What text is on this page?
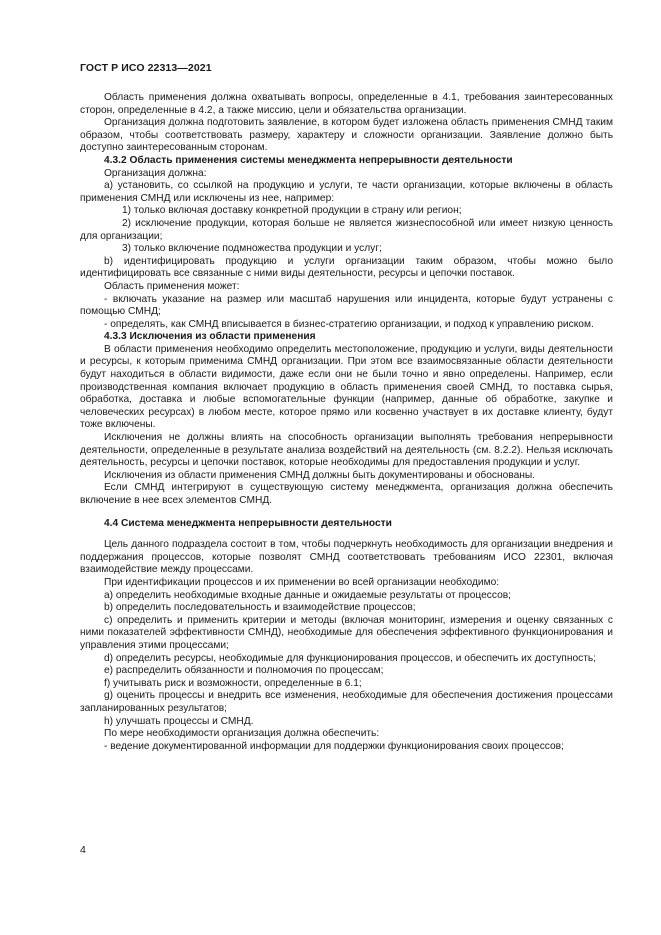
ГОСТ Р ИСО 22313—2021

Область применения должна охватывать вопросы, определенные в 4.1, требования заинтересованных сторон, определенные в 4.2, а также миссию, цели и обязательства организации.

Организация должна подготовить заявление, в котором будет изложена область применения СМНД таким образом, чтобы соответствовать размеру, характеру и сложности организации. Заявление должно быть доступно заинтересованным сторонам.

4.3.2 Область применения системы менеджмента непрерывности деятельности

Организация должна:

a) установить, со ссылкой на продукцию и услуги, те части организации, которые включены в область применения СМНД или исключены из нее, например:

1) только включая доставку конкретной продукции в страну или регион;

2) исключение продукции, которая больше не является жизнеспособной или имеет низкую ценность для организации;

3) только включение подмножества продукции и услуг;

b) идентифицировать продукцию и услуги организации таким образом, чтобы можно было идентифицировать все связанные с ними виды деятельности, ресурсы и цепочки поставок.

Область применения может:

- включать указание на размер или масштаб нарушения или инцидента, которые будут устранены с помощью СМНД;

- определять, как СМНД вписывается в бизнес-стратегию организации, и подход к управлению риском.

4.3.3 Исключения из области применения

В области применения необходимо определить местоположение, продукцию и услуги, виды деятельности и ресурсы, к которым применима СМНД организации. При этом все взаимосвязанные области деятельности будут находиться в области видимости, даже если они не были точно и явно определены. Например, если производственная компания включает продукцию в область применения своей СМНД, то поставка сырья, обработка, доставка и любые вспомогательные функции (например, данные об обработке, закупке и человеческих ресурсах) в любом месте, которое прямо или косвенно участвует в их доставке клиенту, будут тоже включены.

Исключения не должны влиять на способность организации выполнять требования непрерывности деятельности, определенные в результате анализа воздействий на деятельность (см. 8.2.2). Нельзя исключать деятельность, ресурсы и цепочки поставок, которые необходимы для предоставления продукции и услуг.

Исключения из области применения СМНД должны быть документированы и обоснованы.

Если СМНД интегрируют в существующую систему менеджмента, организация должна обеспечить включение в нее всех элементов СМНД.

4.4 Система менеджмента непрерывности деятельности

Цель данного подраздела состоит в том, чтобы подчеркнуть необходимость для организации внедрения и поддержания процессов, которые позволят СМНД соответствовать требованиям ИСО 22301, включая взаимодействие между процессами.

При идентификации процессов и их применении во всей организации необходимо:

a) определить необходимые входные данные и ожидаемые результаты от процессов;

b) определить последовательность и взаимодействие процессов;

c) определить и применить критерии и методы (включая мониторинг, измерения и оценку связанных с ними показателей эффективности СМНД), необходимые для обеспечения эффективного функционирования и управления этими процессами;

d) определить ресурсы, необходимые для функционирования процессов, и обеспечить их доступность;

e) распределить обязанности и полномочия по процессам;

f) учитывать риск и возможности, определенные в 6.1;

g) оценить процессы и внедрить все изменения, необходимые для обеспечения достижения процессами запланированных результатов;

h) улучшать процессы и СМНД.

По мере необходимости организация должна обеспечить:

- ведение документированной информации для поддержки функционирования своих процессов;

4
